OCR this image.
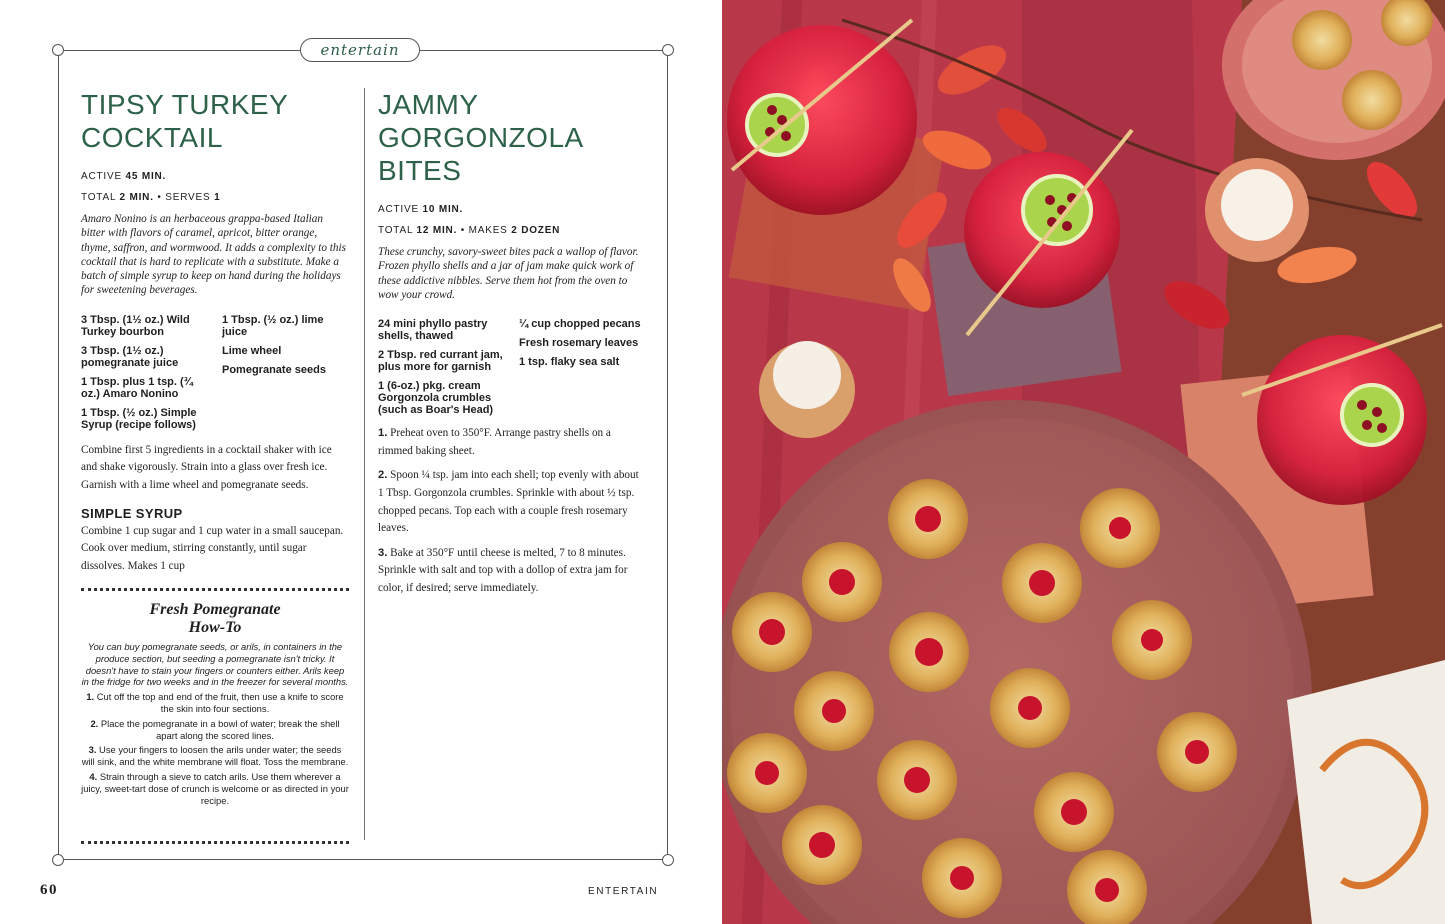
entertain
TIPSY TURKEY
COCKTAIL
ACTIVE 45 MIN.
TOTAL 2 MIN. • SERVES 1

Amaro Nonino is an herbaceous grappa-based Italian bitter with flavors of caramel, apricot, bitter orange, thyme, saffron, and wormwood. It adds a complexity to this cocktail that is hard to replicate with a substitute. Make a batch of simple syrup to keep on hand during the holidays for sweetening beverages.

3 Tbsp. (1½ oz.) Wild Turkey bourbon
3 Tbsp. (1½ oz.) pomegranate juice
1 Tbsp. plus 1 tsp. (¾ oz.) Amaro Nonino
1 Tbsp. (½ oz.) Simple Syrup (recipe follows)
1 Tbsp. (½ oz.) lime juice
Lime wheel
Pomegranate seeds

Combine first 5 ingredients in a cocktail shaker with ice and shake vigorously. Strain into a glass over fresh ice. Garnish with a lime wheel and pomegranate seeds.

SIMPLE SYRUP

Combine 1 cup sugar and 1 cup water in a small saucepan. Cook over medium, stirring constantly, until sugar dissolves. Makes 1 cup

Fresh Pomegranate
How-To

You can buy pomegranate seeds, or arils, in containers in the produce section, but seeding a pomegranate isn't tricky. It doesn't have to stain your fingers or counters either. Arils keep in the fridge for two weeks and in the freezer for several months.

1. Cut off the top and end of the fruit, then use a knife to score the skin into four sections.

2. Place the pomegranate in a bowl of water; break the shell apart along the scored lines.

3. Use your fingers to loosen the arils under water; the seeds will sink, and the white membrane will float. Toss the membrane.

4. Strain through a sieve to catch arils. Use them wherever a juicy, sweet-tart dose of crunch is welcome or as directed in your recipe.

JAMMY
GORGONZOLA BITES
ACTIVE 10 MIN.
TOTAL 12 MIN. • MAKES 2 DOZEN

These crunchy, savory-sweet bites pack a wallop of flavor. Frozen phyllo shells and a jar of jam make quick work of these addictive nibbles. Serve them hot from the oven to wow your crowd.

24 mini phyllo pastry shells, thawed
2 Tbsp. red currant jam, plus more for garnish
1 (6-oz.) pkg. cream Gorgonzola crumbles (such as Boar's Head)
¼ cup chopped pecans
Fresh rosemary leaves
1 tsp. flaky sea salt

1. Preheat oven to 350°F. Arrange pastry shells on a rimmed baking sheet.

2. Spoon ¼ tsp. jam into each shell; top evenly with about 1 Tbsp. Gorgonzola crumbles. Sprinkle with about ½ tsp. chopped pecans. Top each with a couple fresh rosemary leaves.

3. Bake at 350°F until cheese is melted, 7 to 8 minutes. Sprinkle with salt and top with a dollop of extra jam for color, if desired; serve immediately.

60	ENTERTAIN
